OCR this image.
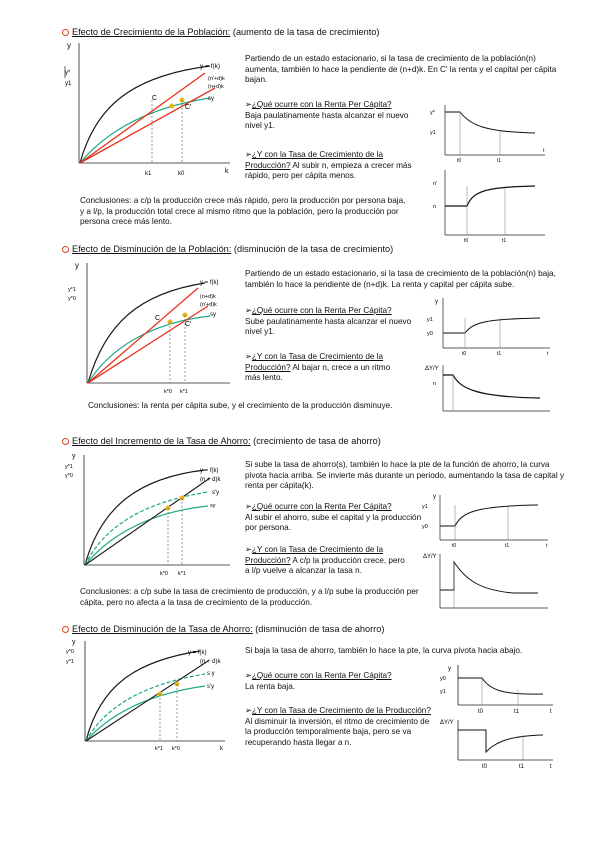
Efecto de Crecimiento de la Población: (aumento de la tasa de crecimiento)
y
y*
y1
C
C'
y = f(k)
(n'+d)k
(n+d)k
sy
k
k1	k0
Partiendo de un estado estacionario, si la tasa de crecimiento de la población(n) aumenta, también lo hace la pendiente de (n+d)k. En C' la renta y el capital per cápita bajan.
➢¿Qué ocurre con la Renta Per Cápita?
Baja paulatinamente hasta alcanzar el nuevo nivel y1.
➢¿Y con la Tasa de Crecimiento de la Producción? Al subir n, empieza a crecer más rápido, pero per cápita menos.
y*
y1
t0	t1
t
n'
n
t0	t1
Conclusiones: a c/p la producción crece más rápido, pero la producción por persona baja, y a l/p, la producción total crece al mismo ritmo que la población, pero la producción por persona crece más lento.
Efecto de Disminución de la Población: (disminución de la tasa de crecimiento)
y
y*1
y*0
C
C'
y = f(k)
(n+d)k
(n'+d)k
sy
k*0 k*1
Partiendo de un estado estacionario, si la tasa de crecimiento de la población(n) baja, también lo hace la pendiente de (n+d)k. La renta y capital per cápita sube.
➢¿Qué ocurre con la Renta Per Cápita?
Sube paulatinamente hasta alcanzar el nuevo nivel y1.
➢¿Y con la Tasa de Crecimiento de la Producción? Al bajar n, crece a un ritmo más lento.
y
y1
y0
t0	t1	t
ΔY/Y
n
Conclusiones: la renta per cápita sube, y el crecimiento de la producción disminuye.
Efecto del Incremento de la Tasa de Ahorro: (crecimiento de tasa de ahorro)
y
y*1
y*0
y = f(k)
(n + d)k
s'y
sy
k*0 k*1
Si sube la tasa de ahorro(s), también lo hace la pte de la función de ahorro, la curva pivota hacia arriba. Se invierte más durante un periodo, aumentando la tasa de capital y renta per cápita(k).
➢¿Qué ocurre con la Renta Per Cápita?
Al subir el ahorro, sube el capital y la producción por persona.
➢¿Y con la Tasa de Crecimiento de la Producción? A c/p la producción crece, pero a l/p vuelve a alcanzar la tasa n.
y
y1
y0
t0	t1	t
ΔY/Y
Conclusiones: a c/p sube la tasa de crecimiento de producción, y a l/p sube la producción per cápita, pero no afecta a la tasa de crecimiento de la producción.
Efecto de Disminución de la Tasa de Ahorro: (disminución de tasa de ahorro)
y
y*0
y*1
y = f(k)
(n + d)k
s y
s'y
k*1 k*0	k
Si baja la tasa de ahorro, también lo hace la pte, la curva pivota hacia abajo.
➢¿Qué ocurre con la Renta Per Cápita?
La renta baja.
➢¿Y con la Tasa de Crecimiento de la Producción? Al disminuir la inversión, el ritmo de crecimiento de la producción temporalmente baja, pero se va recuperando hasta llegar a n.
y
y0
y1
t0	t1	t
ΔY/Y
t0	t1	t
